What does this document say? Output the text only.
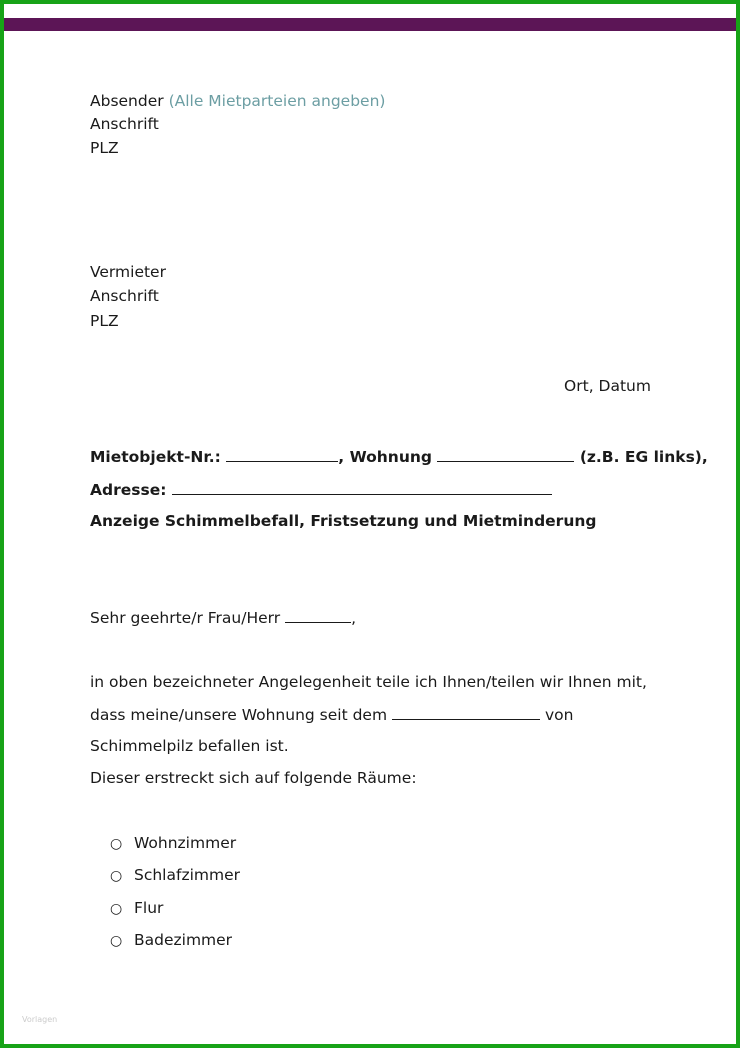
Absender (Alle Mietparteien angeben)
Anschrift
PLZ
Vermieter
Anschrift
PLZ
Ort, Datum
Mietobjekt-Nr.:	, Wohnung	(z.B. EG links),
Adresse:
Anzeige Schimmelbefall, Fristsetzung und Mietminderung
Sehr geehrte/r Frau/Herr	,
in oben bezeichneter Angelegenheit teile ich Ihnen/teilen wir Ihnen mit,
dass meine/unsere Wohnung seit dem	von
Schimmelpilz befallen ist.
Dieser erstreckt sich auf folgende Räume:
○ Wohnzimmer
○ Schlafzimmer
○ Flur
○ Badezimmer
Vorlagen
